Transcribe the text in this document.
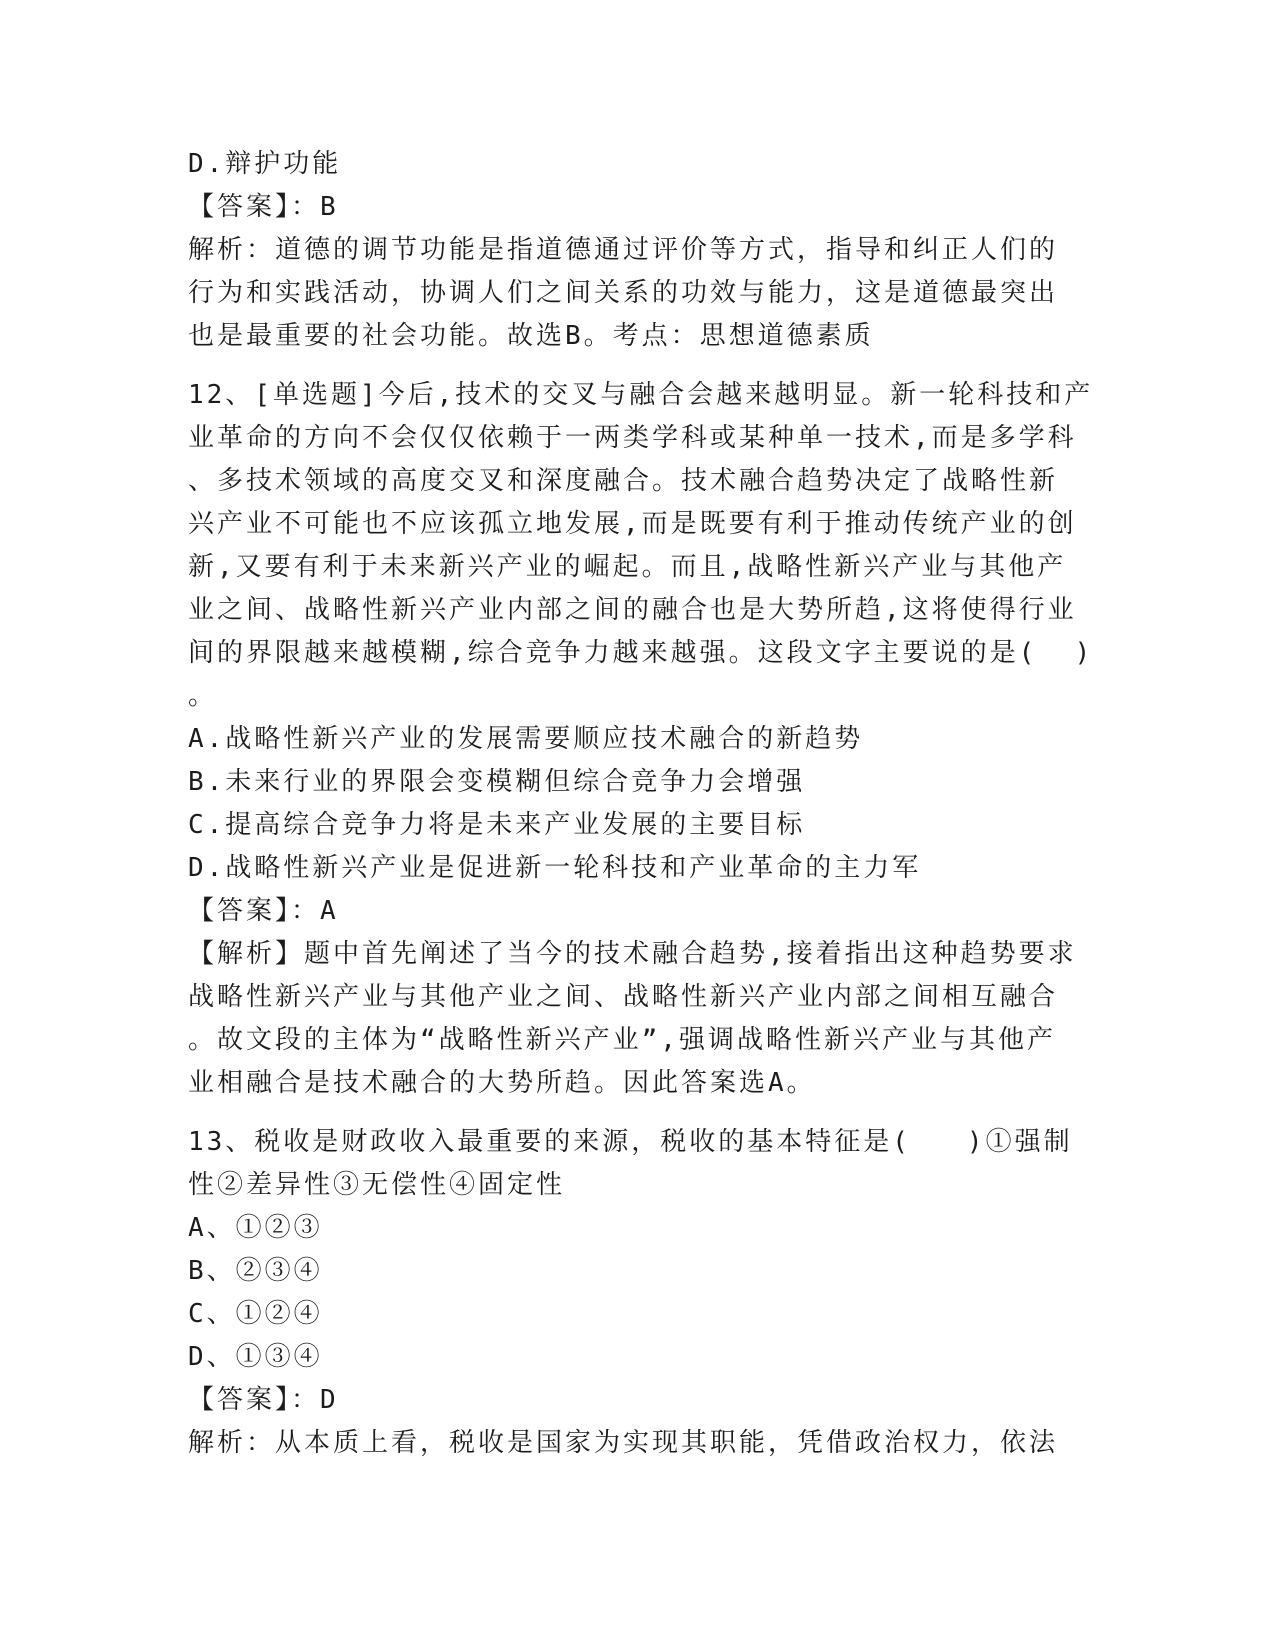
D.辩护功能
【答案】：B
解析：道德的调节功能是指道德通过评价等方式，指导和纠正人们的
行为和实践活动，协调人们之间关系的功效与能力，这是道德最突出
也是最重要的社会功能。故选B。考点：思想道德素质
12、[单选题]今后,技术的交叉与融合会越来越明显。新一轮科技和产
业革命的方向不会仅仅依赖于一两类学科或某种单一技术,而是多学科
、多技术领域的高度交叉和深度融合。技术融合趋势决定了战略性新
兴产业不可能也不应该孤立地发展,而是既要有利于推动传统产业的创
新,又要有利于未来新兴产业的崛起。而且,战略性新兴产业与其他产
业之间、战略性新兴产业内部之间的融合也是大势所趋,这将使得行业
间的界限越来越模糊,综合竞争力越来越强。这段文字主要说的是(  )
。
A.战略性新兴产业的发展需要顺应技术融合的新趋势
B.未来行业的界限会变模糊但综合竞争力会增强
C.提高综合竞争力将是未来产业发展的主要目标
D.战略性新兴产业是促进新一轮科技和产业革命的主力军
【答案】：A
【解析】题中首先阐述了当今的技术融合趋势,接着指出这种趋势要求
战略性新兴产业与其他产业之间、战略性新兴产业内部之间相互融合
。故文段的主体为“战略性新兴产业”,强调战略性新兴产业与其他产
业相融合是技术融合的大势所趋。因此答案选A。
13、税收是财政收入最重要的来源，税收的基本特征是(   )①强制
性②差异性③无偿性④固定性
A、①②③
B、②③④
C、①②④
D、①③④
【答案】：D
解析：从本质上看，税收是国家为实现其职能，凭借政治权力，依法
